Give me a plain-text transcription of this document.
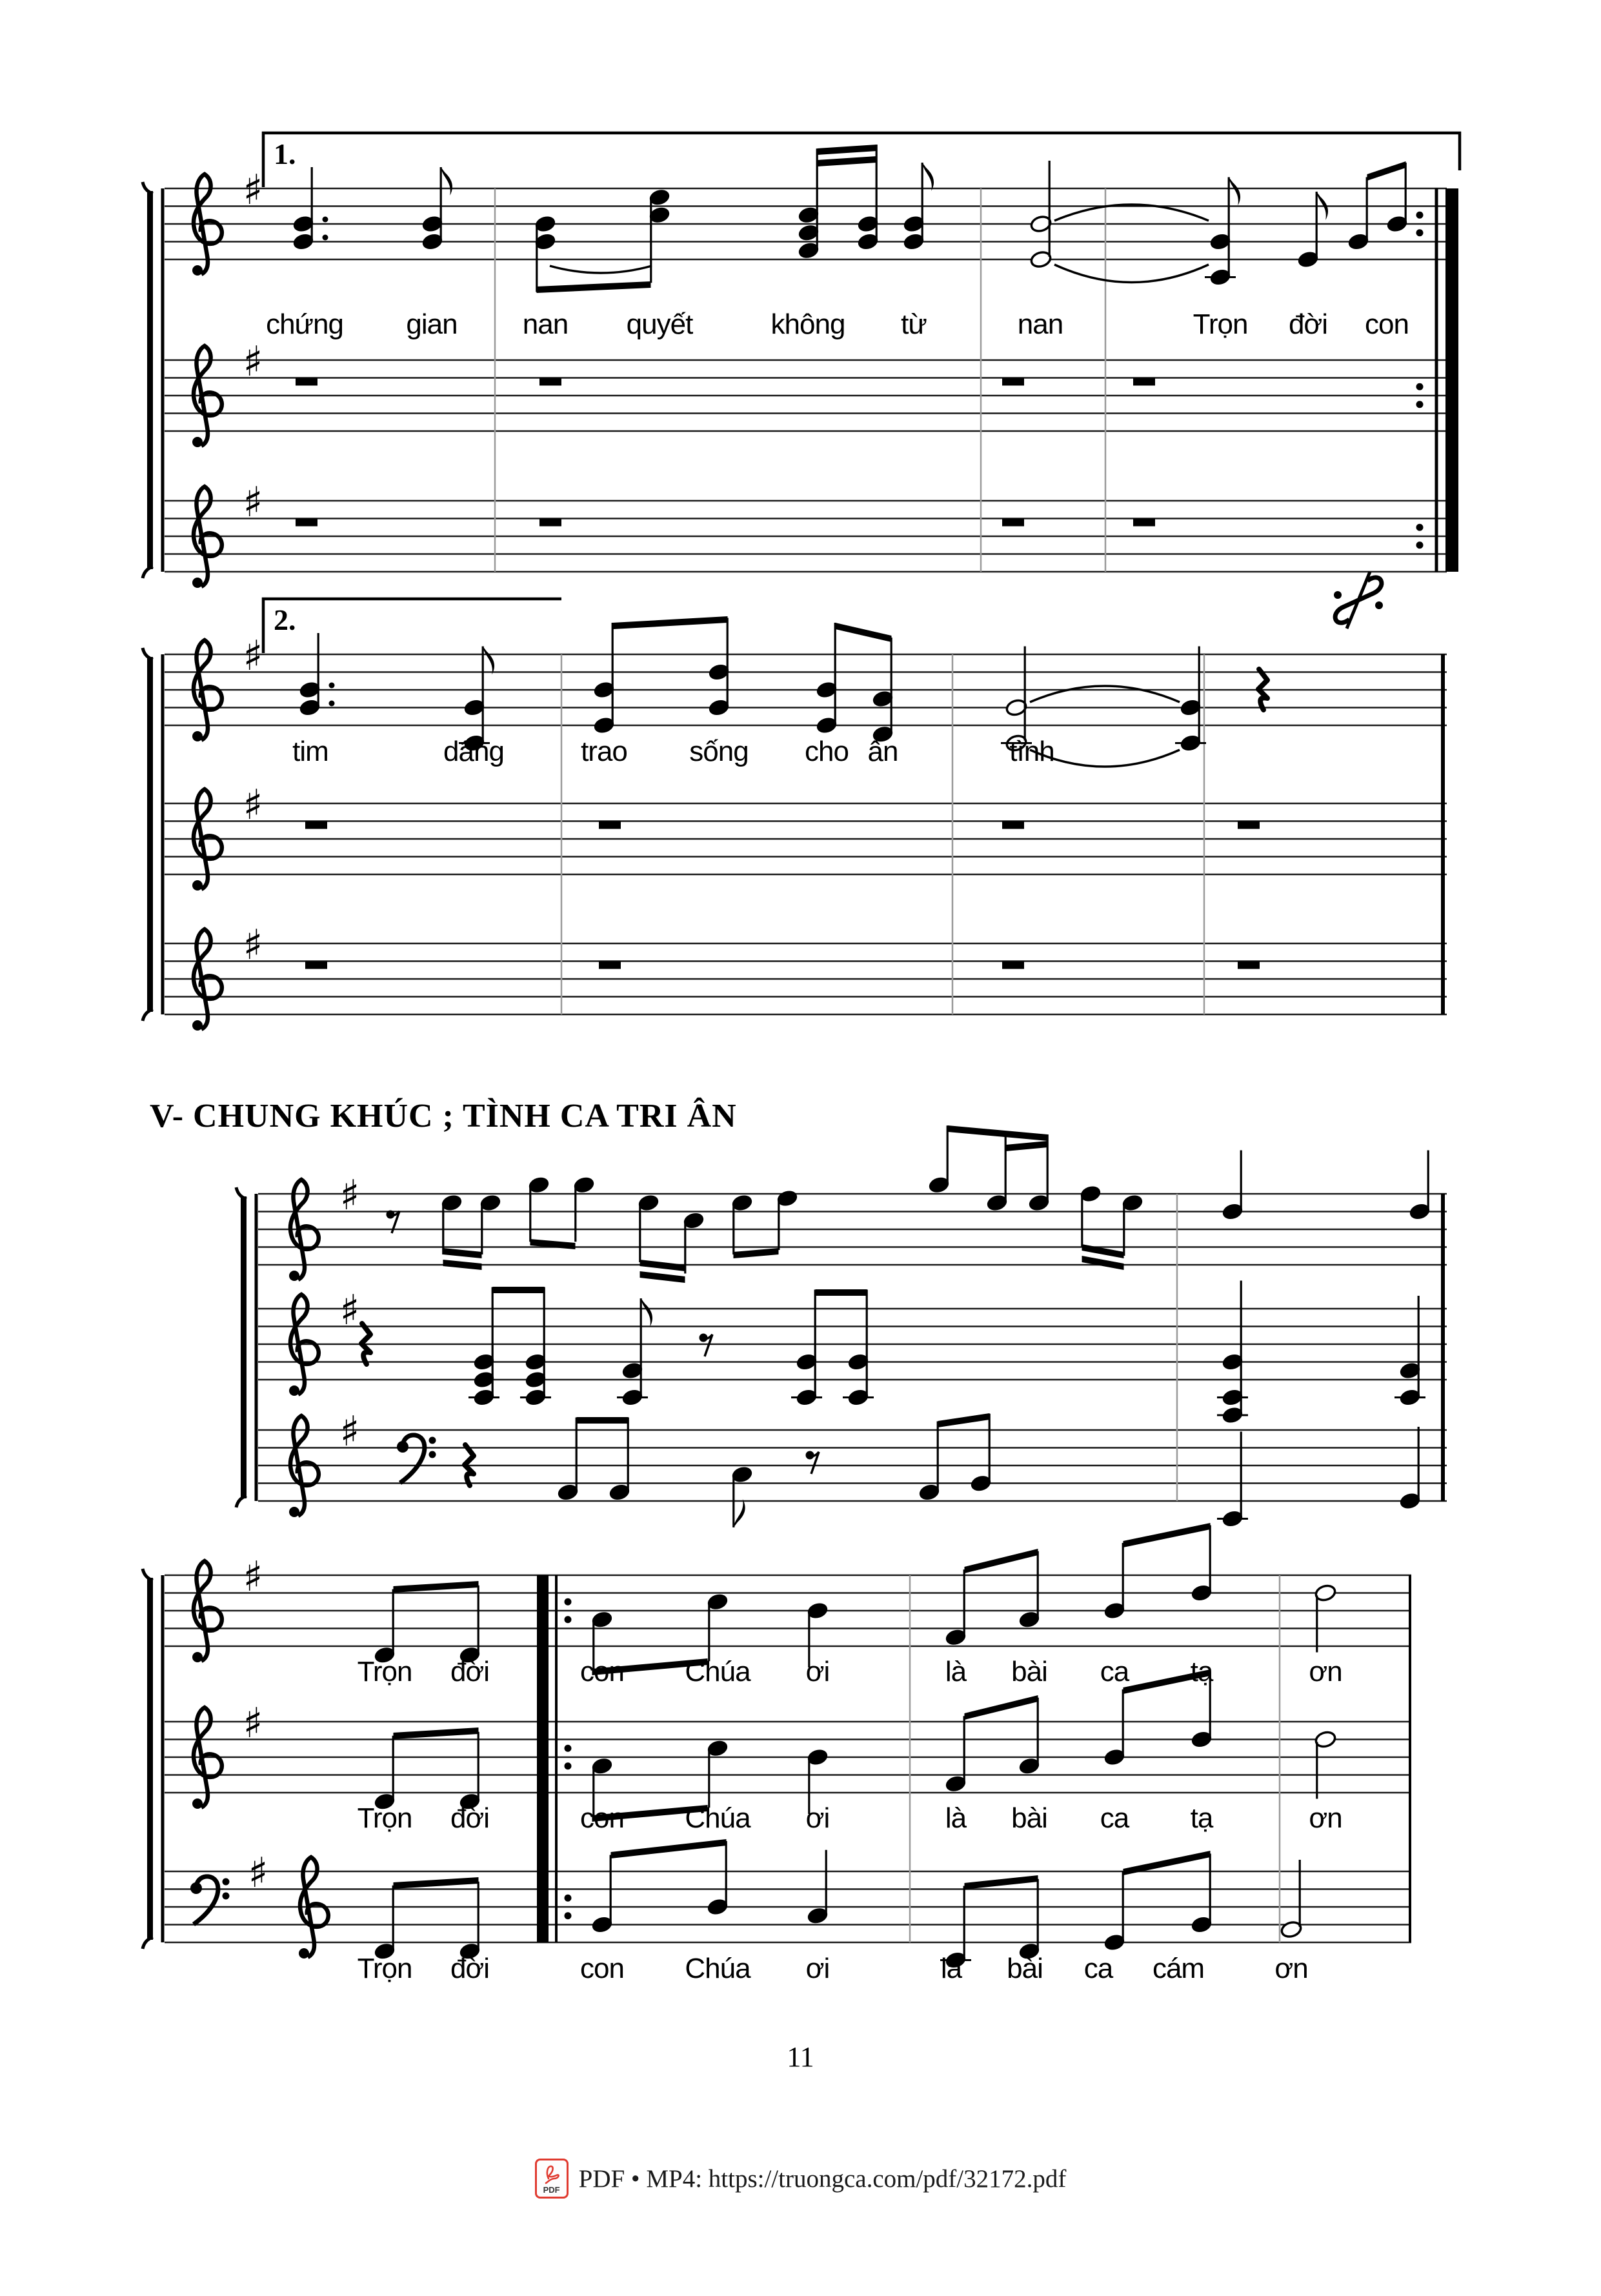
♯
♯
♯
♯
♯
♯
♯
♯
♯
♯
♯
♯
1.
2.
chứng gian nan quyết	không từ	nan	Trọn đời con
tim	dâng	trao sống cho ân	tình
V- CHUNG KHÚC ; TÌNH CA TRI ÂN
Trọn đời	con Chúa ơi	là bài ca tạ	ơn
Trọn đời	con Chúa ơi	là bài ca tạ	ơn
Trọn đời	con Chúa ơi	là bài ca cám ơn
11
PDF PDF • MP4: https://truongca.com/pdf/32172.pdf
